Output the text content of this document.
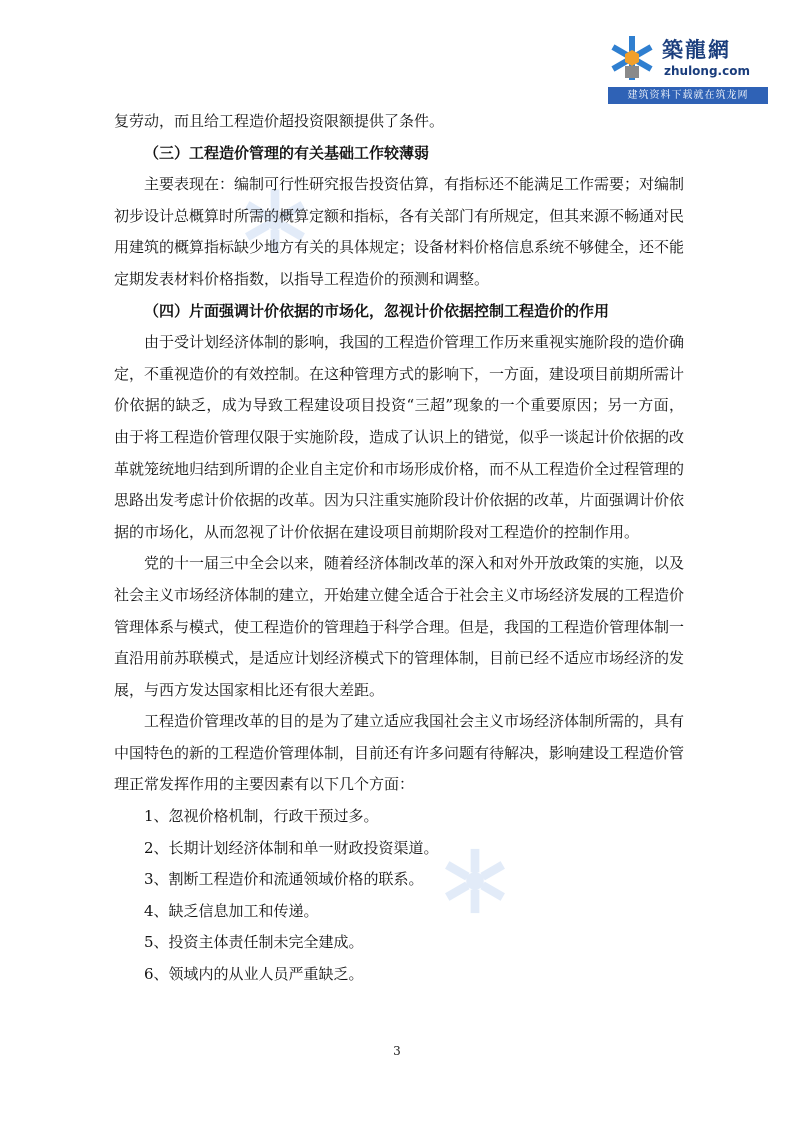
築龍網
zhulong.com
建筑资料下载就在筑龙网

复劳动，而且给工程造价超投资限额提供了条件。

（三）工程造价管理的有关基础工作较薄弱

主要表现在：编制可行性研究报告投资估算，有指标还不能满足工作需要；对编制初步设计总概算时所需的概算定额和指标，各有关部门有所规定，但其来源不畅通对民用建筑的概算指标缺少地方有关的具体规定；设备材料价格信息系统不够健全，还不能定期发表材料价格指数，以指导工程造价的预测和调整。

（四）片面强调计价依据的市场化，忽视计价依据控制工程造价的作用

由于受计划经济体制的影响，我国的工程造价管理工作历来重视实施阶段的造价确定，不重视造价的有效控制。在这种管理方式的影响下，一方面，建设项目前期所需计价依据的缺乏，成为导致工程建设项目投资“三超”现象的一个重要原因；另一方面，由于将工程造价管理仅限于实施阶段，造成了认识上的错觉，似乎一谈起计价依据的改革就笼统地归结到所谓的企业自主定价和市场形成价格，而不从工程造价全过程管理的思路出发考虑计价依据的改革。因为只注重实施阶段计价依据的改革，片面强调计价依据的市场化，从而忽视了计价依据在建设项目前期阶段对工程造价的控制作用。

党的十一届三中全会以来，随着经济体制改革的深入和对外开放政策的实施，以及社会主义市场经济体制的建立，开始建立健全适合于社会主义市场经济发展的工程造价管理体系与模式，使工程造价的管理趋于科学合理。但是，我国的工程造价管理体制一直沿用前苏联模式，是适应计划经济模式下的管理体制，目前已经不适应市场经济的发展，与西方发达国家相比还有很大差距。

工程造价管理改革的目的是为了建立适应我国社会主义市场经济体制所需的，具有中国特色的新的工程造价管理体制，目前还有许多问题有待解决，影响建设工程造价管理正常发挥作用的主要因素有以下几个方面：

1、忽视价格机制，行政干预过多。

2、长期计划经济体制和单一财政投资渠道。

3、割断工程造价和流通领域价格的联系。

4、缺乏信息加工和传递。

5、投资主体责任制未完全建成。

6、领域内的从业人员严重缺乏。

3
